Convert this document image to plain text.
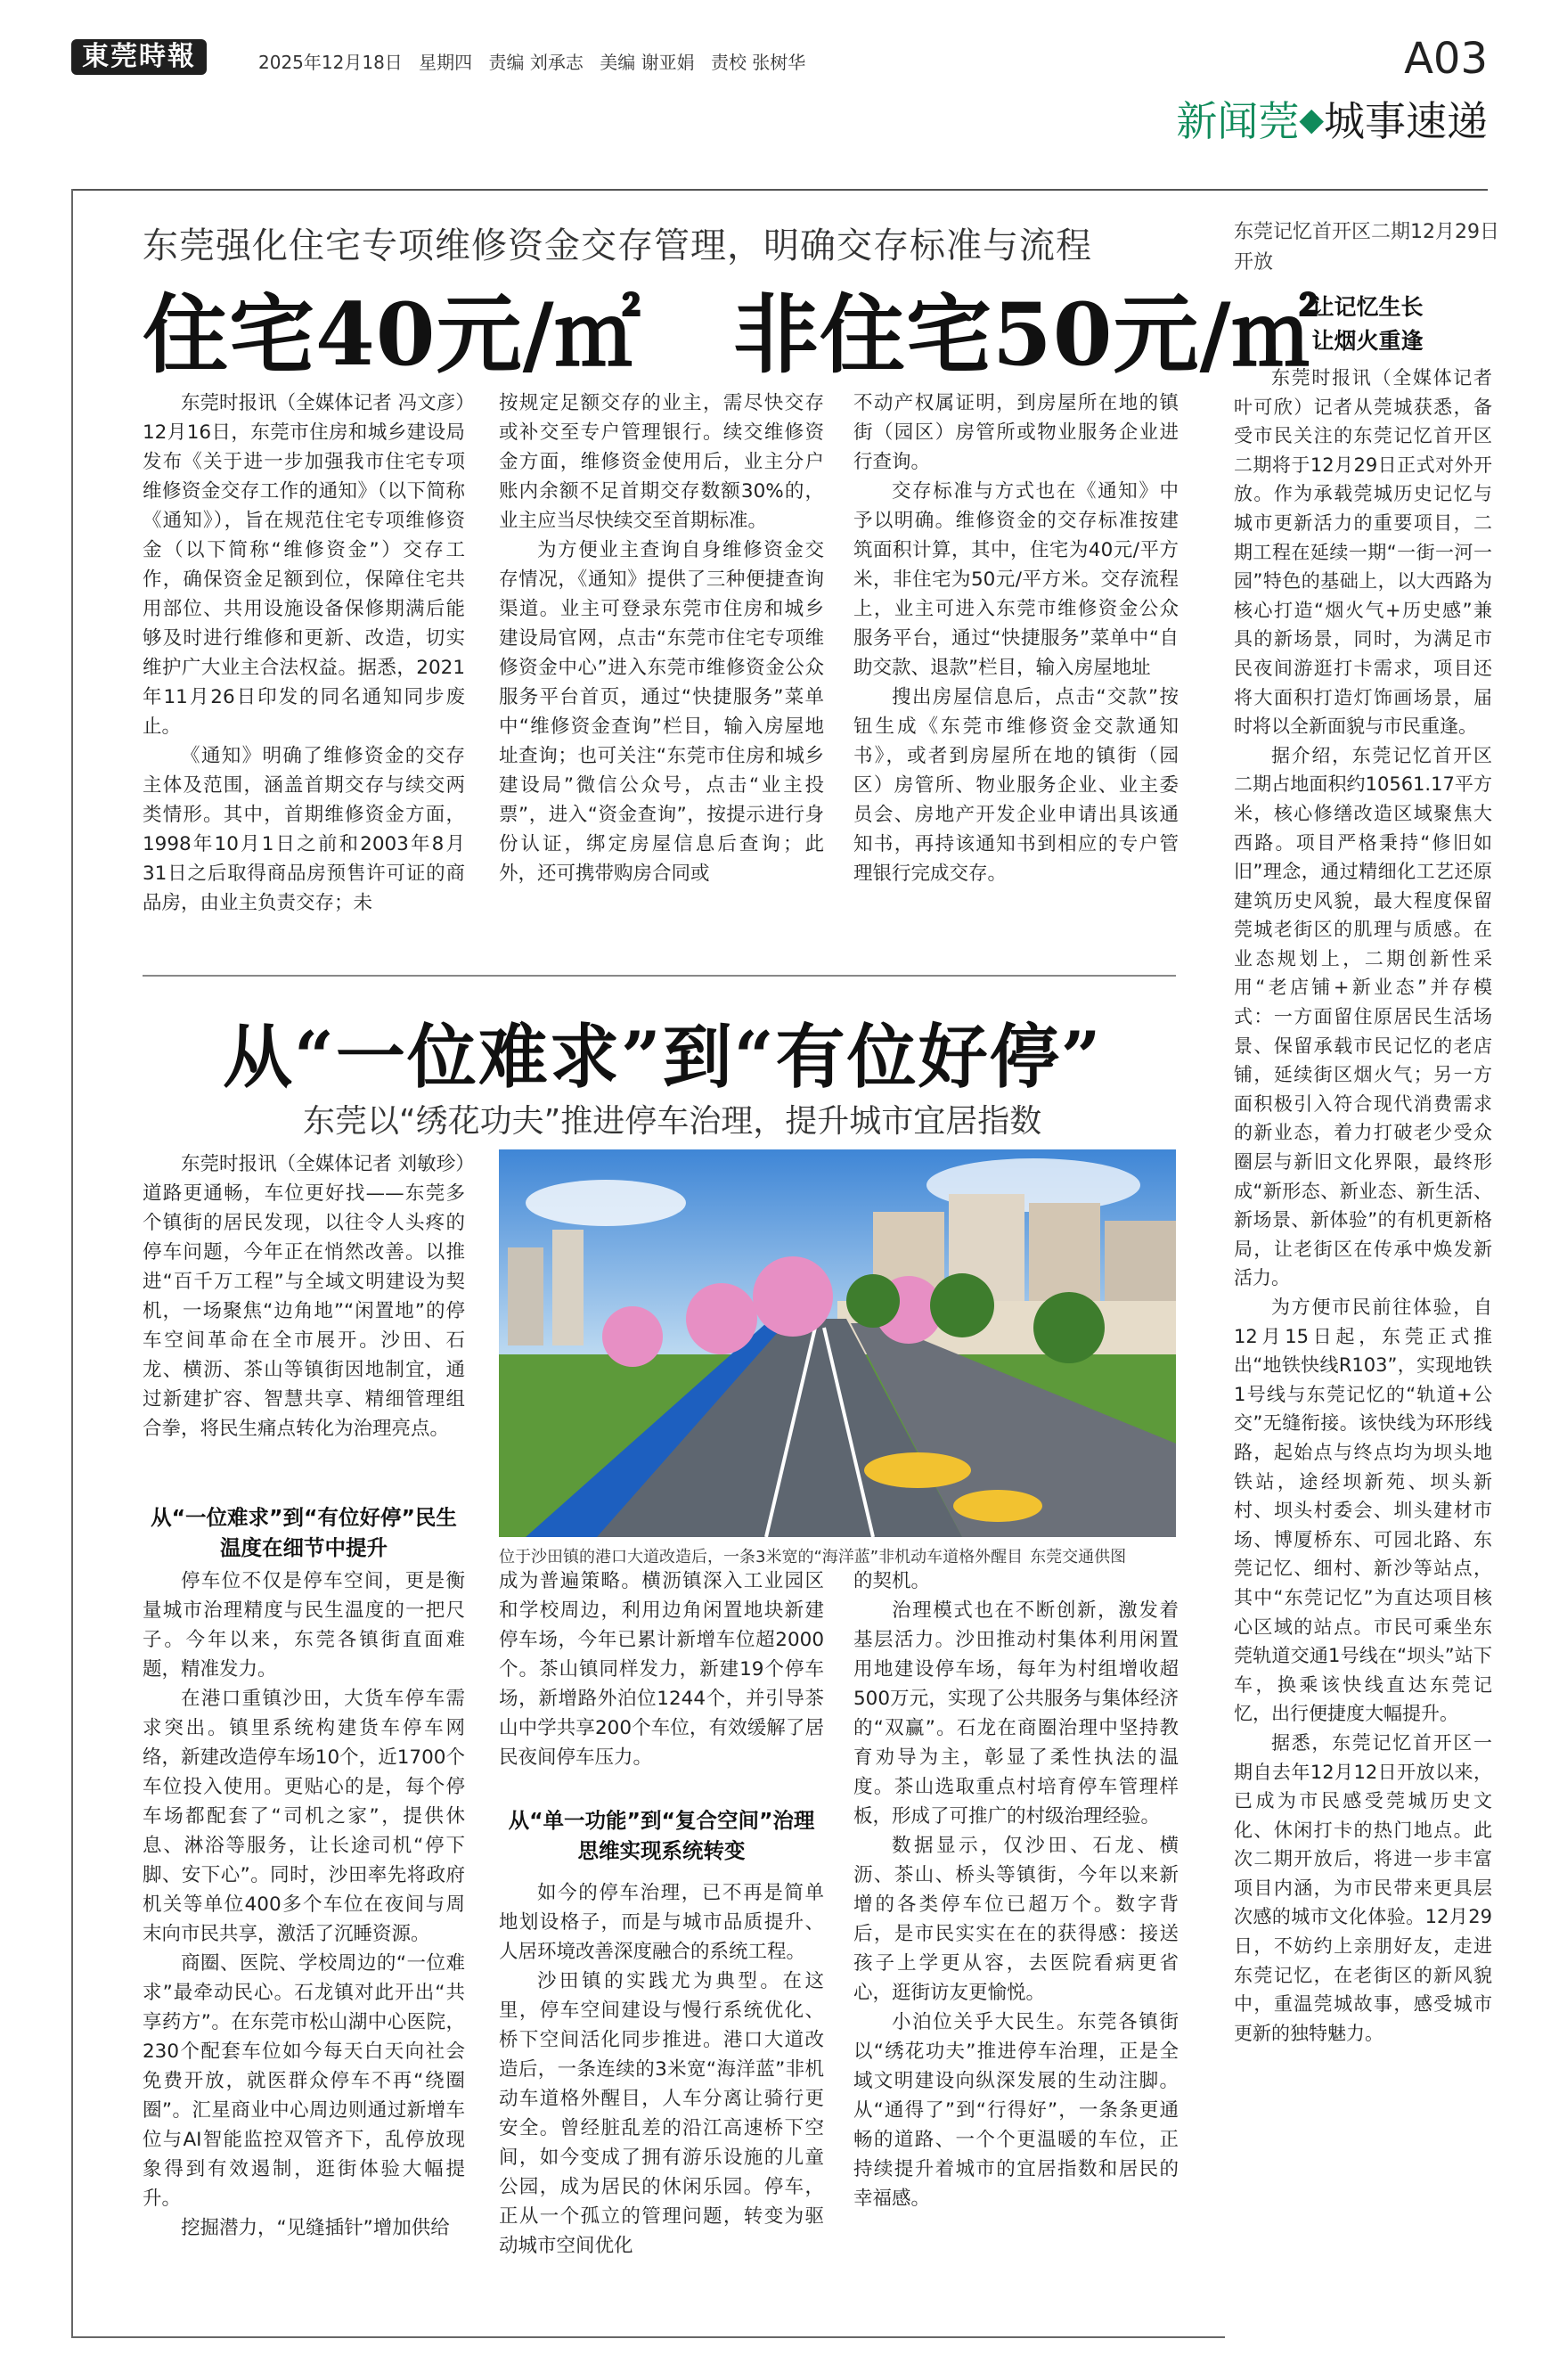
東莞時報	2025年12月18日 星期四 责编 刘承志 美编 谢亚娟 责校 张树华	A03
新闻莞◆城事速递
东莞强化住宅专项维修资金交存管理，明确交存标准与流程
住宅40元/㎡ 非住宅50元/㎡

东莞时报讯（全媒体记者 冯文彦）12月16日，东莞市住房和城乡建设局发布《关于进一步加强我市住宅专项维修资金交存工作的通知》（以下简称《通知》），旨在规范住宅专项维修资金（以下简称“维修资金”）交存工作，确保资金足额到位，保障住宅共用部位、共用设施设备保修期满后能够及时进行维修和更新、改造，切实维护广大业主合法权益。据悉，2021年11月26日印发的同名通知同步废止。

《通知》明确了维修资金的交存主体及范围，涵盖首期交存与续交两类情形。其中，首期维修资金方面，1998年10月1日之前和2003年8月31日之后取得商品房预售许可证的商品房，由业主负责交存；未

按规定足额交存的业主，需尽快交存或补交至专户管理银行。续交维修资金方面，维修资金使用后，业主分户账内余额不足首期交存数额30%的，业主应当尽快续交至首期标准。

为方便业主查询自身维修资金交存情况，《通知》提供了三种便捷查询渠道。业主可登录东莞市住房和城乡建设局官网，点击“东莞市住宅专项维修资金中心”进入东莞市维修资金公众服务平台首页，通过“快捷服务”菜单中“维修资金查询”栏目，输入房屋地址查询；也可关注“东莞市住房和城乡建设局”微信公众号，点击“业主投票”，进入“资金查询”，按提示进行身份认证，绑定房屋信息后查询；此外，还可携带购房合同或

不动产权属证明，到房屋所在地的镇街（园区）房管所或物业服务企业进行查询。

交存标准与方式也在《通知》中予以明确。维修资金的交存标准按建筑面积计算，其中，住宅为40元/平方米，非住宅为50元/平方米。交存流程上，业主可进入东莞市维修资金公众服务平台，通过“快捷服务”菜单中“自助交款、退款”栏目，输入房屋地址

搜出房屋信息后，点击“交款”按钮生成《东莞市维修资金交款通知书》，或者到房屋所在地的镇街（园区）房管所、物业服务企业、业主委员会、房地产开发企业申请出具该通知书，再持该通知书到相应的专户管理银行完成交存。

从“一位难求”到“有位好停”
东莞以“绣花功夫”推进停车治理，提升城市宜居指数

东莞时报讯（全媒体记者 刘敏珍）道路更通畅，车位更好找——东莞多个镇街的居民发现，以往令人头疼的停车问题，今年正在悄然改善。以推进“百千万工程”与全域文明建设为契机，一场聚焦“边角地”“闲置地”的停车空间革命在全市展开。沙田、石龙、横沥、茶山等镇街因地制宜，通过新建扩容、智慧共享、精细管理组合拳，将民生痛点转化为治理亮点。

从“一位难求”到“有位好停”民生温度在细节中提升	位于沙田镇的港口大道改造后，一条3米宽的“海洋蓝”非机动车道格外醒目 东莞交通供图

停车位不仅是停车空间，更是衡量城市治理精度与民生温度的一把尺子。今年以来，东莞各镇街直面难题，精准发力。

在港口重镇沙田，大货车停车需求突出。镇里系统构建货车停车网络，新建改造停车场10个，近1700个车位投入使用。更贴心的是，每个停车场都配套了“司机之家”，提供休息、淋浴等服务，让长途司机“停下脚、安下心”。同时，沙田率先将政府机关等单位400多个车位在夜间与周末向市民共享，激活了沉睡资源。

商圈、医院、学校周边的“一位难求”最牵动民心。石龙镇对此开出“共享药方”。在东莞市松山湖中心医院，230个配套车位如今每天白天向社会免费开放，就医群众停车不再“绕圈圈”。汇星商业中心周边则通过新增车位与AI智能监控双管齐下，乱停放现象得到有效遏制，逛街体验大幅提升。

挖掘潜力，“见缝插针”增加供给

成为普遍策略。横沥镇深入工业园区和学校周边，利用边角闲置地块新建停车场，今年已累计新增车位超2000个。茶山镇同样发力，新建19个停车场，新增路外泊位1244个，并引导茶山中学共享200个车位，有效缓解了居民夜间停车压力。

从“单一功能”到“复合空间”治理思维实现系统转变

如今的停车治理，已不再是简单地划设格子，而是与城市品质提升、人居环境改善深度融合的系统工程。

沙田镇的实践尤为典型。在这里，停车空间建设与慢行系统优化、桥下空间活化同步推进。港口大道改造后，一条连续的3米宽“海洋蓝”非机动车道格外醒目，人车分离让骑行更安全。曾经脏乱差的沿江高速桥下空间，如今变成了拥有游乐设施的儿童公园，成为居民的休闲乐园。停车，正从一个孤立的管理问题，转变为驱动城市空间优化

的契机。

治理模式也在不断创新，激发着基层活力。沙田推动村集体利用闲置用地建设停车场，每年为村组增收超500万元，实现了公共服务与集体经济的“双赢”。石龙在商圈治理中坚持教育劝导为主，彰显了柔性执法的温度。茶山选取重点村培育停车管理样板，形成了可推广的村级治理经验。

数据显示，仅沙田、石龙、横沥、茶山、桥头等镇街，今年以来新增的各类停车位已超万个。数字背后，是市民实实在在的获得感：接送孩子上学更从容，去医院看病更省心，逛街访友更愉悦。

小泊位关乎大民生。东莞各镇街以“绣花功夫”推进停车治理，正是全域文明建设向纵深发展的生动注脚。从“通得了”到“行得好”，一条条更通畅的道路、一个个更温暖的车位，正持续提升着城市的宜居指数和居民的幸福感。

东莞记忆首开区二期12月29日开放
让记忆生长
让烟火重逢

东莞时报讯（全媒体记者 叶可欣）记者从莞城获悉，备受市民关注的东莞记忆首开区二期将于12月29日正式对外开放。作为承载莞城历史记忆与城市更新活力的重要项目，二期工程在延续一期“一街一河一园”特色的基础上，以大西路为核心打造“烟火气+历史感”兼具的新场景，同时，为满足市民夜间游逛打卡需求，项目还将大面积打造灯饰画场景，届时将以全新面貌与市民重逢。

据介绍，东莞记忆首开区二期占地面积约10561.17平方米，核心修缮改造区域聚焦大西路。项目严格秉持“修旧如旧”理念，通过精细化工艺还原建筑历史风貌，最大程度保留莞城老街区的肌理与质感。在业态规划上，二期创新性采用“老店铺+新业态”并存模式：一方面留住原居民生活场景、保留承载市民记忆的老店铺，延续街区烟火气；另一方面积极引入符合现代消费需求的新业态，着力打破老少受众圈层与新旧文化界限，最终形成“新形态、新业态、新生活、新场景、新体验”的有机更新格局，让老街区在传承中焕发新活力。

为方便市民前往体验，自12月15日起，东莞正式推出“地铁快线R103”，实现地铁1号线与东莞记忆的“轨道+公交”无缝衔接。该快线为环形线路，起始点与终点均为坝头地铁站，途经坝新苑、坝头新村、坝头村委会、圳头建材市场、博厦桥东、可园北路、东莞记忆、细村、新沙等站点，其中“东莞记忆”为直达项目核心区域的站点。市民可乘坐东莞轨道交通1号线在“坝头”站下车，换乘该快线直达东莞记忆，出行便捷度大幅提升。

据悉，东莞记忆首开区一期自去年12月12日开放以来，已成为市民感受莞城历史文化、休闲打卡的热门地点。此次二期开放后，将进一步丰富项目内涵，为市民带来更具层次感的城市文化体验。12月29日，不妨约上亲朋好友，走进东莞记忆，在老街区的新风貌中，重温莞城故事，感受城市更新的独特魅力。
